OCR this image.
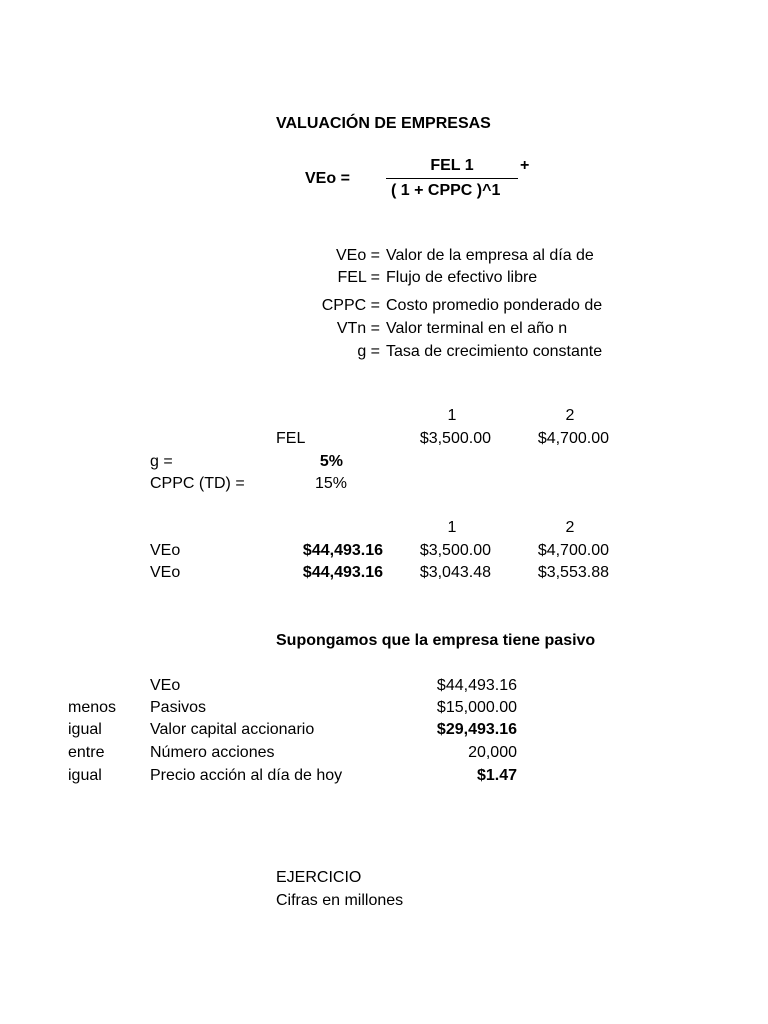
VALUACIÓN DE EMPRESAS
VEo =
FEL 1	+
( 1 + CPPC )^1
VEo = Valor de la empresa al día de
FEL = Flujo de efectivo libre
CPPC = Costo promedio ponderado de
VTn = Valor terminal en el año n
g = Tasa de crecimiento constante
1	2
FEL	$3,500.00	$4,700.00
g =	5%
CPPC (TD) =	15%
1	2
VEo	$44,493.16	$3,500.00	$4,700.00
VEo	$44,493.16	$3,043.48	$3,553.88
Supongamos que la empresa tiene pasivo
VEo	$44,493.16
menos Pasivos	$15,000.00
igual	Valor capital accionario	$29,493.16
entre	Número acciones	20,000
igual	Precio acción al día de hoy	$1.47
EJERCICIO
Cifras en millones
